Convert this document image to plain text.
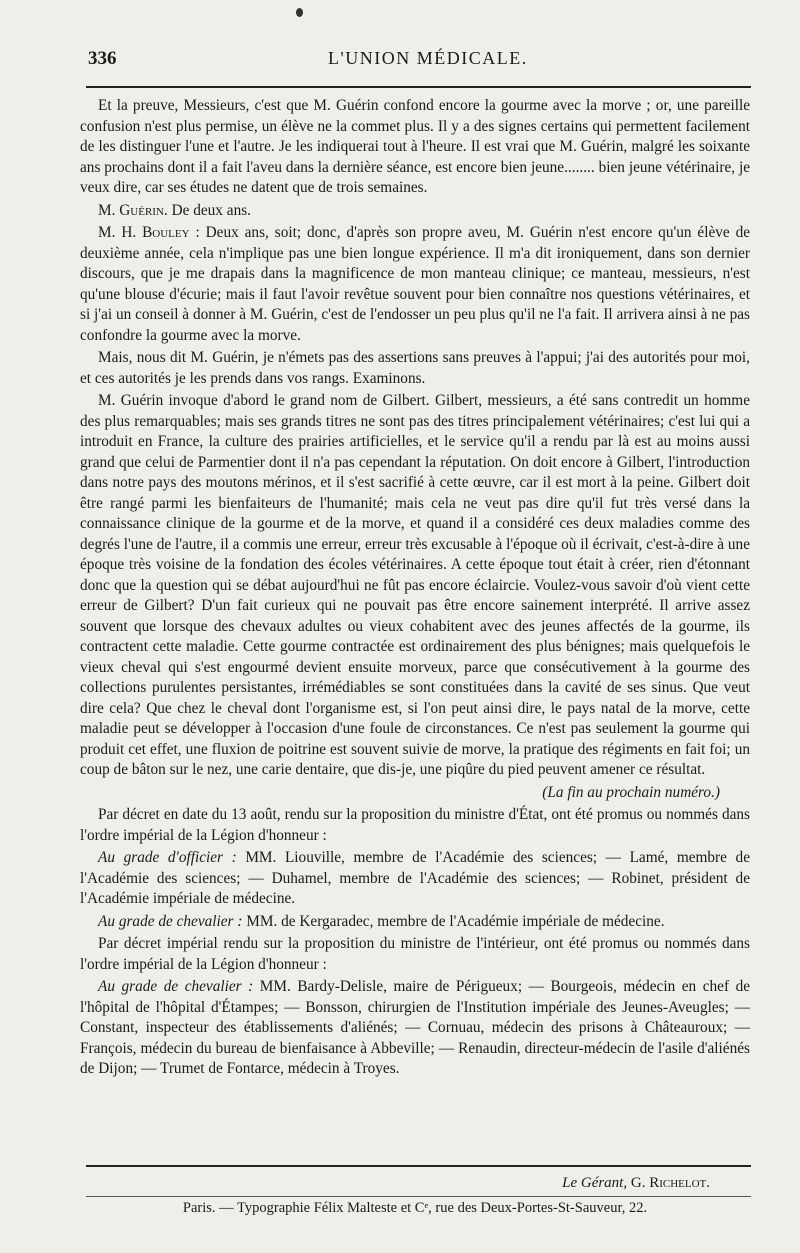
336	L'UNION MÉDICALE.

Et la preuve, Messieurs, c'est que M. Guérin confond encore la gourme avec la morve ; or, une pareille confusion n'est plus permise, un élève ne la commet plus. Il y a des signes certains qui permettent facilement de les distinguer l'une et l'autre. Je les indiquerai tout à l'heure. Il est vrai que M. Guérin, malgré les soixante ans prochains dont il a fait l'aveu dans la dernière séance, est encore bien jeune........ bien jeune vétérinaire, je veux dire, car ses études ne datent que de trois semaines.

M. Guérin. De deux ans.

M. H. Bouley : Deux ans, soit; donc, d'après son propre aveu, M. Guérin n'est encore qu'un élève de deuxième année, cela n'implique pas une bien longue expérience. Il m'a dit ironiquement, dans son dernier discours, que je me drapais dans la magnificence de mon manteau clinique; ce manteau, messieurs, n'est qu'une blouse d'écurie; mais il faut l'avoir revêtue souvent pour bien connaître nos questions vétérinaires, et si j'ai un conseil à donner à M. Guérin, c'est de l'endosser un peu plus qu'il ne l'a fait. Il arrivera ainsi à ne pas confondre la gourme avec la morve.

Mais, nous dit M. Guérin, je n'émets pas des assertions sans preuves à l'appui; j'ai des autorités pour moi, et ces autorités je les prends dans vos rangs. Examinons.

M. Guérin invoque d'abord le grand nom de Gilbert. Gilbert, messieurs, a été sans contredit un homme des plus remarquables; mais ses grands titres ne sont pas des titres principalement vétérinaires; c'est lui qui a introduit en France, la culture des prairies artificielles, et le service qu'il a rendu par là est au moins aussi grand que celui de Parmentier dont il n'a pas cependant la réputation. On doit encore à Gilbert, l'introduction dans notre pays des moutons mérinos, et il s'est sacrifié à cette œuvre, car il est mort à la peine. Gilbert doit être rangé parmi les bienfaiteurs de l'humanité; mais cela ne veut pas dire qu'il fut très versé dans la connaissance clinique de la gourme et de la morve, et quand il a considéré ces deux maladies comme des degrés l'une de l'autre, il a commis une erreur, erreur très excusable à l'époque où il écrivait, c'est-à-dire à une époque très voisine de la fondation des écoles vétérinaires. A cette époque tout était à créer, rien d'étonnant donc que la question qui se débat aujourd'hui ne fût pas encore éclaircie. Voulez-vous savoir d'où vient cette erreur de Gilbert? D'un fait curieux qui ne pouvait pas être encore sainement interprété. Il arrive assez souvent que lorsque des chevaux adultes ou vieux cohabitent avec des jeunes affectés de la gourme, ils contractent cette maladie. Cette gourme contractée est ordinairement des plus bénignes; mais quelquefois le vieux cheval qui s'est engourmé devient ensuite morveux, parce que consécutivement à la gourme des collections purulentes persistantes, irrémédiables se sont constituées dans la cavité de ses sinus. Que veut dire cela? Que chez le cheval dont l'organisme est, si l'on peut ainsi dire, le pays natal de la morve, cette maladie peut se développer à l'occasion d'une foule de circonstances. Ce n'est pas seulement la gourme qui produit cet effet, une fluxion de poitrine est souvent suivie de morve, la pratique des régiments en fait foi; un coup de bâton sur le nez, une carie dentaire, que dis-je, une piqûre du pied peuvent amener ce résultat.

(La fin au prochain numéro.)

Par décret en date du 13 août, rendu sur la proposition du ministre d'État, ont été promus ou nommés dans l'ordre impérial de la Légion d'honneur :

Au grade d'officier : MM. Liouville, membre de l'Académie des sciences; — Lamé, membre de l'Académie des sciences; — Duhamel, membre de l'Académie des sciences; — Robinet, président de l'Académie impériale de médecine.

Au grade de chevalier : MM. de Kergaradec, membre de l'Académie impériale de médecine.

Par décret impérial rendu sur la proposition du ministre de l'intérieur, ont été promus ou nommés dans l'ordre impérial de la Légion d'honneur :

Au grade de chevalier : MM. Bardy-Delisle, maire de Périgueux; — Bourgeois, médecin en chef de l'hôpital de l'hôpital d'Étampes; — Bonsson, chirurgien de l'Institution impériale des Jeunes-Aveugles; — Constant, inspecteur des établissements d'aliénés; — Cornuau, médecin des prisons à Châteauroux; — François, médecin du bureau de bienfaisance à Abbeville; — Renaudin, directeur-médecin de l'asile d'aliénés de Dijon; — Trumet de Fontarce, médecin à Troyes.

Le Gérant, G. Richelot.
Paris. — Typographie Félix Malteste et Cᵉ, rue des Deux-Portes-St-Sauveur, 22.
